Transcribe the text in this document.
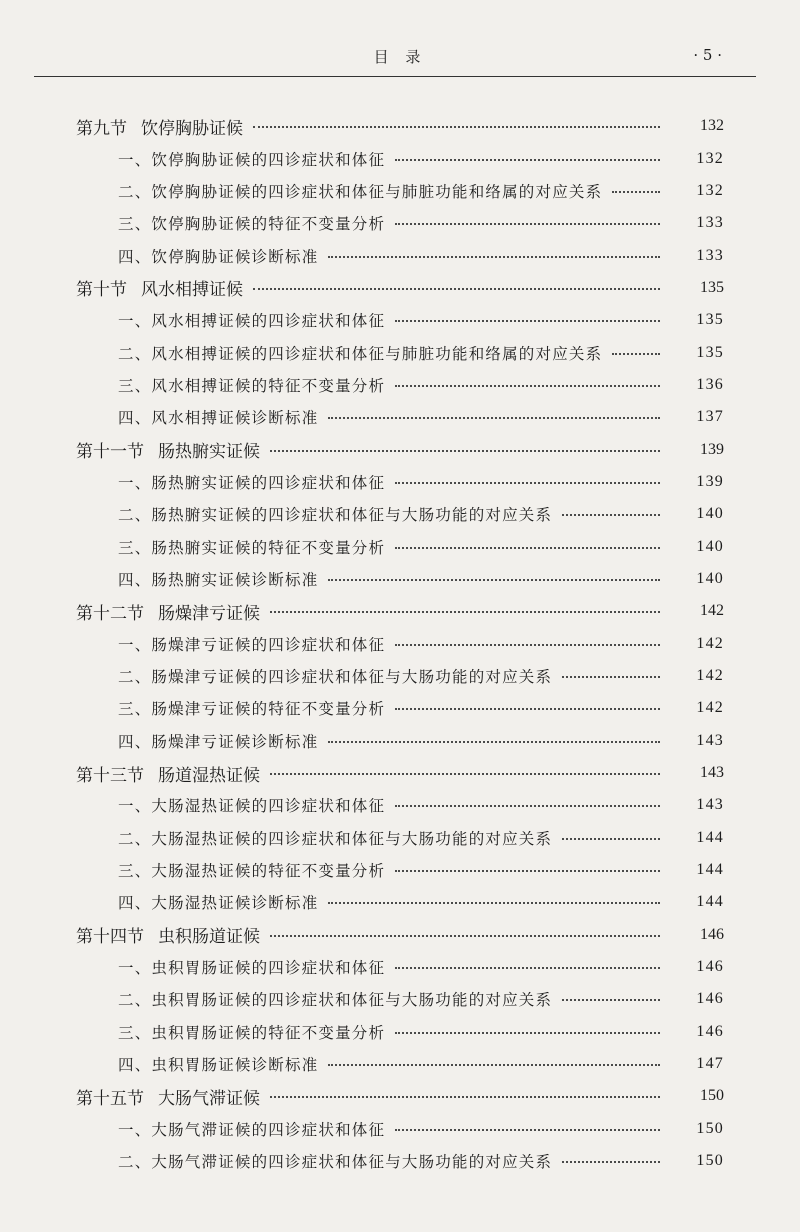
目 录	· 5 ·
第九节 饮停胸胁证候	132
一、饮停胸胁证候的四诊症状和体征	132
二、饮停胸胁证候的四诊症状和体征与肺脏功能和络属的对应关系	132
三、饮停胸胁证候的特征不变量分析	133
四、饮停胸胁证候诊断标准	133
第十节 风水相搏证候	135
一、风水相搏证候的四诊症状和体征	135
二、风水相搏证候的四诊症状和体征与肺脏功能和络属的对应关系	135
三、风水相搏证候的特征不变量分析	136
四、风水相搏证候诊断标准	137
第十一节 肠热腑实证候	139
一、肠热腑实证候的四诊症状和体征	139
二、肠热腑实证候的四诊症状和体征与大肠功能的对应关系	140
三、肠热腑实证候的特征不变量分析	140
四、肠热腑实证候诊断标准	140
第十二节 肠燥津亏证候	142
一、肠燥津亏证候的四诊症状和体征	142
二、肠燥津亏证候的四诊症状和体征与大肠功能的对应关系	142
三、肠燥津亏证候的特征不变量分析	142
四、肠燥津亏证候诊断标准	143
第十三节 肠道湿热证候	143
一、大肠湿热证候的四诊症状和体征	143
二、大肠湿热证候的四诊症状和体征与大肠功能的对应关系	144
三、大肠湿热证候的特征不变量分析	144
四、大肠湿热证候诊断标准	144
第十四节 虫积肠道证候	146
一、虫积胃肠证候的四诊症状和体征	146
二、虫积胃肠证候的四诊症状和体征与大肠功能的对应关系	146
三、虫积胃肠证候的特征不变量分析	146
四、虫积胃肠证候诊断标准	147
第十五节 大肠气滞证候	150
一、大肠气滞证候的四诊症状和体征	150
二、大肠气滞证候的四诊症状和体征与大肠功能的对应关系	150
